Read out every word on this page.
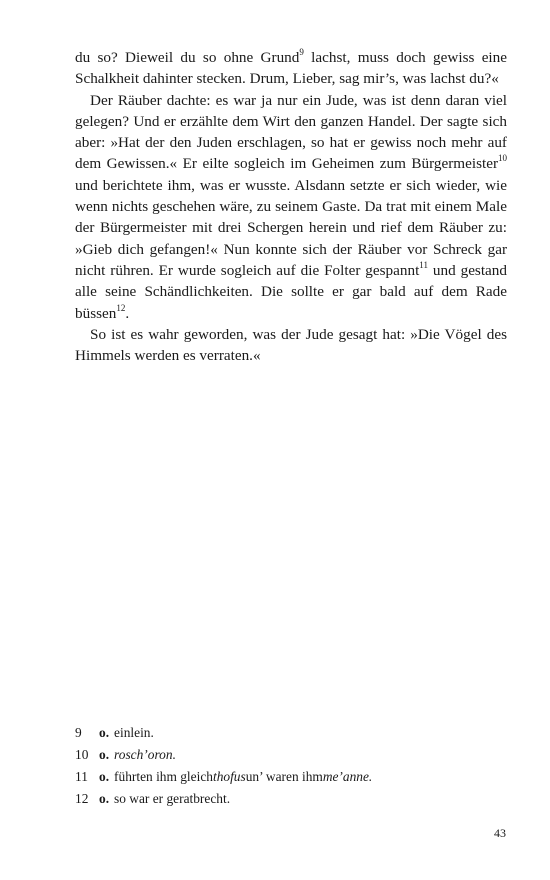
du so? Dieweil du so ohne Grund$^9$ lachst, muss doch gewiss eine Schalkheit dahinter stecken. Drum, Lieber, sag mir’s, was lachst du?«

Der Räuber dachte: es war ja nur ein Jude, was ist denn daran viel gelegen? Und er erzählte dem Wirt den ganzen Handel. Der sagte sich aber: »Hat der den Juden erschlagen, so hat er gewiss noch mehr auf dem Gewissen.« Er eilte sogleich im Geheimen zum Bürgermeister$^{10}$ und berichtete ihm, was er wusste. Alsdann setzte er sich wieder, wie wenn nichts geschehen wäre, zu seinem Gaste. Da trat mit einem Male der Bürgermeister mit drei Schergen herein und rief dem Räuber zu: »Gieb dich gefangen!« Nun konnte sich der Räuber vor Schreck gar nicht rühren. Er wurde sogleich auf die Folter gespannt$^{11}$ und gestand alle seine Schändlichkeiten. Die sollte er gar bald auf dem Rade büssen$^{12}$.

So ist es wahr geworden, was der Jude gesagt hat: »Die Vögel des Himmels werden es verraten.«

9	o. einlein.
10 o. rosch’oron.
11 o. führten ihm gleich thofus un’ waren ihm me’anne.
12 o. so war er geratbrecht.
43
